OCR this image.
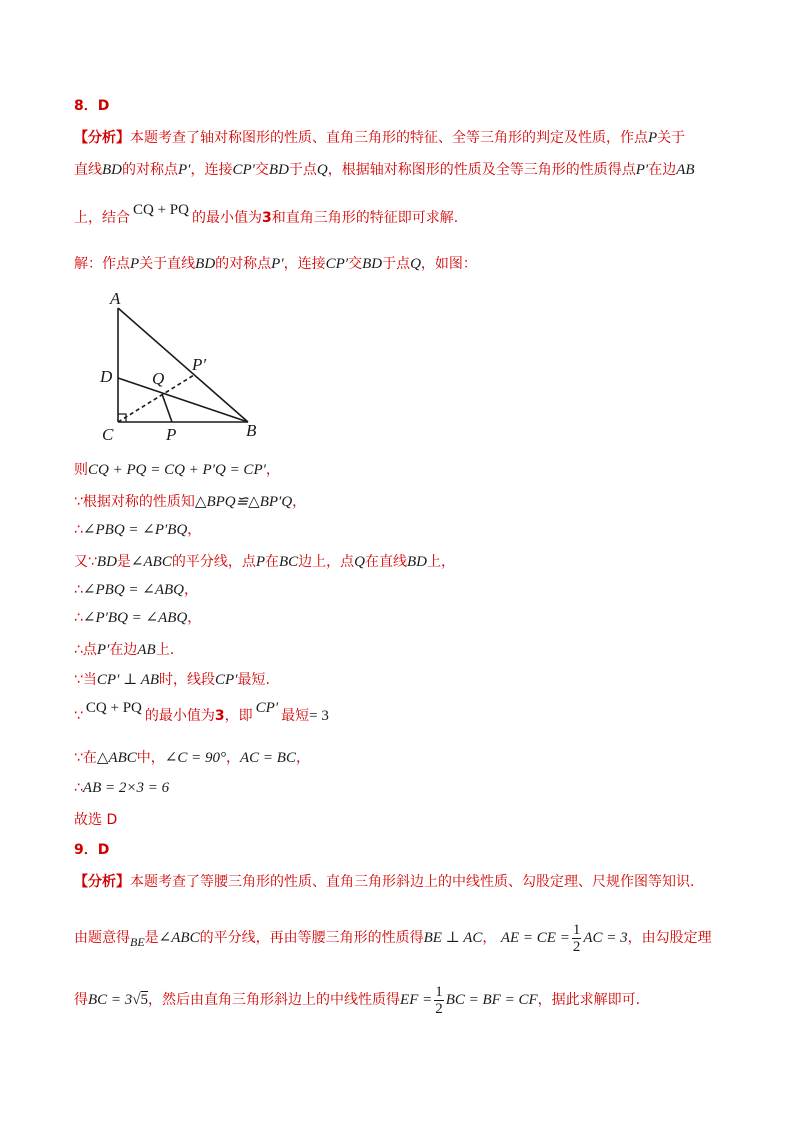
8．D
【分析】本题考查了轴对称图形的性质、直角三角形的特征、全等三角形的判定及性质，作点P关于
直线BD的对称点P′，连接CP′交BD于点Q，根据轴对称图形的性质及全等三角形的性质得点P′在边AB
上，结合 CQ + PQ
的最小值为3和直角三角形的特征即可求解.
解：作点P关于直线BD的对称点P′，连接CP′交BD于点Q，如图：
A
B
C
D
P
Q
P′
则CQ + PQ = CQ + P′Q = CP′，
∵根据对称的性质知△BPQ≌△BP′Q，
∴∠PBQ = ∠P′BQ，
又∵BD是∠ABC的平分线，点P在BC边上，点Q在直线BD上，
∴∠PBQ = ∠ABQ，
∴∠P′BQ = ∠ABQ，
∴点P′在边AB上.
∵当CP′ ⊥ AB时，线段CP′最短.
∵ CQ + PQ
的最小值为3，即 CP′
最短= 3
∵在△ABC中，∠C = 90°，AC = BC，
∴AB = 2×3 = 6
故选 D
9．D
【分析】本题考查了等腰三角形的性质、直角三角形斜边上的中线性质、勾股定理、尺规作图等知识.
由题意得BE是∠ABC的平分线，再由等腰三角形的性质得BE ⊥ AC， AE = CE = $\frac{1}{2}$ AC = 3，由勾股定理
得BC = 3√5，然后由直角三角形斜边上的中线性质得EF = $\frac{1}{2}$ BC = BF = CF，据此求解即可.
